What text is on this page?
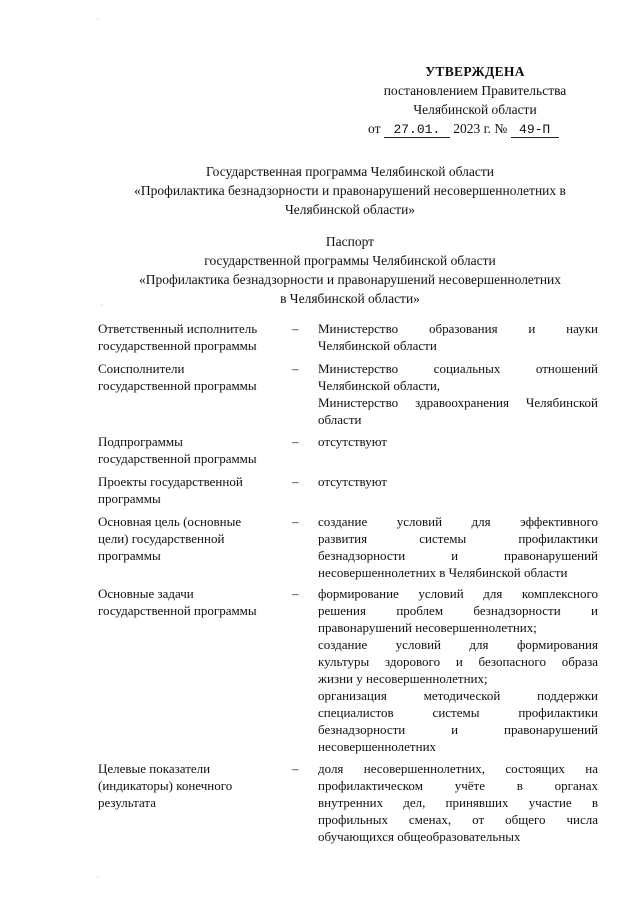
УТВЕРЖДЕНА
постановлением Правительства
Челябинской области
от 27.01. 2023 г. № 49-П
Государственная программа Челябинской области
«Профилактика безнадзорности и правонарушений несовершеннолетних в
Челябинской области»
Паспорт
государственной программы Челябинской области
«Профилактика безнадзорности и правонарушений несовершеннолетних
в Челябинской области»
Ответственный исполнитель
государственной программы
– Министерство образования и науки
Челябинской области
Соисполнители
государственной программы
– Министерство социальных отношений
Челябинской области,
Министерство здравоохранения Челябинской
области
Подпрограммы
государственной программы
– отсутствуют
Проекты государственной
программы
– отсутствуют
Основная цель (основные
цели) государственной
программы
– создание условий для эффективного
развития системы профилактики
безнадзорности и правонарушений
несовершеннолетних в Челябинской области
Основные задачи
государственной программы
– формирование условий для комплексного
решения проблем безнадзорности и
правонарушений несовершеннолетних;
создание условий для формирования
культуры здорового и безопасного образа
жизни у несовершеннолетних;
организация методической поддержки
специалистов системы профилактики
безнадзорности и правонарушений
несовершеннолетних
Целевые показатели
(индикаторы) конечного
результата
– доля несовершеннолетних, состоящих на
профилактическом учёте в органах
внутренних дел, принявших участие в
профильных сменах, от общего числа
обучающихся общеобразовательных
·
·
·
